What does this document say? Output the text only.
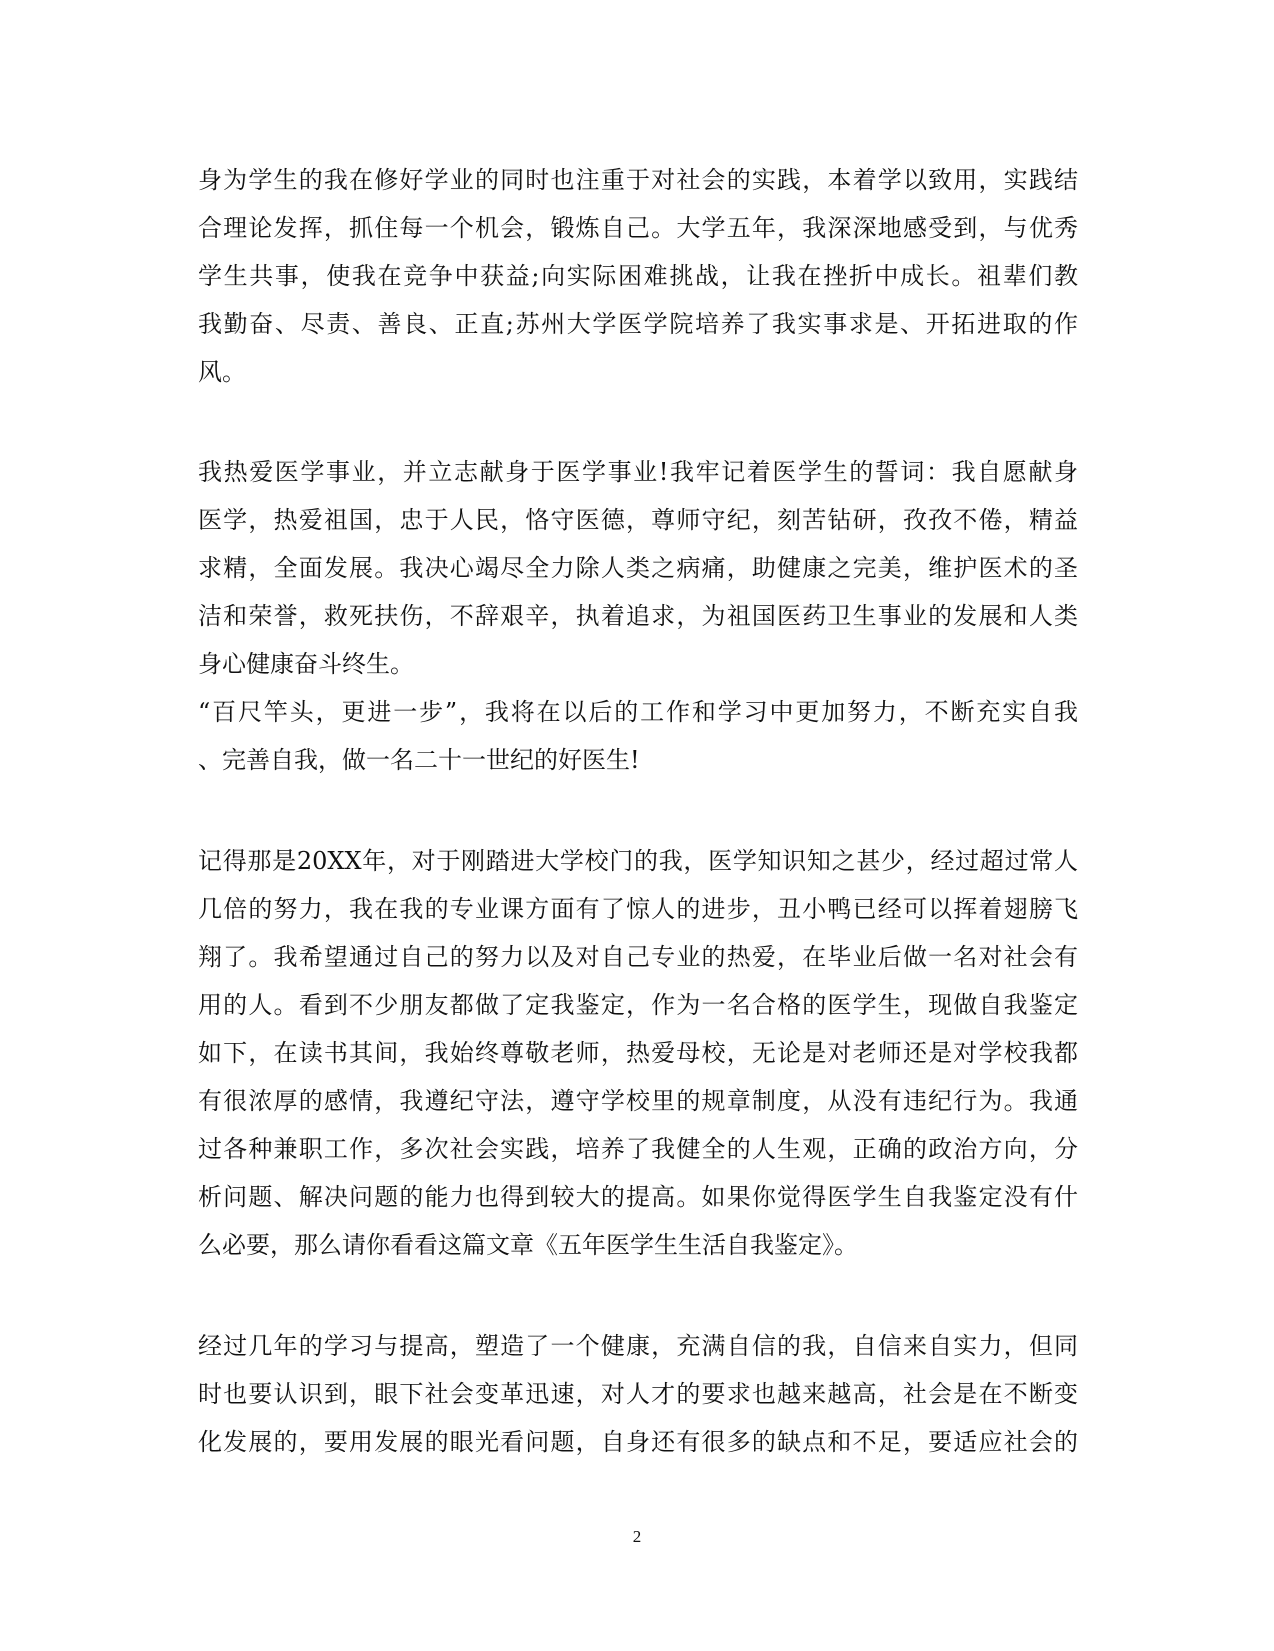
身为学生的我在修好学业的同时也注重于对社会的实践，本着学以致用，实践结
合理论发挥，抓住每一个机会，锻炼自己。大学五年，我深深地感受到，与优秀
学生共事，使我在竞争中获益;向实际困难挑战，让我在挫折中成长。祖辈们教
我勤奋、尽责、善良、正直;苏州大学医学院培养了我实事求是、开拓进取的作
风。
我热爱医学事业，并立志献身于医学事业!我牢记着医学生的誓词：我自愿献身
医学，热爱祖国，忠于人民，恪守医德，尊师守纪，刻苦钻研，孜孜不倦，精益
求精，全面发展。我决心竭尽全力除人类之病痛，助健康之完美，维护医术的圣
洁和荣誉，救死扶伤，不辞艰辛，执着追求，为祖国医药卫生事业的发展和人类
身心健康奋斗终生。
“百尺竿头，更进一步”，我将在以后的工作和学习中更加努力，不断充实自我
、完善自我，做一名二十一世纪的好医生!
记得那是20XX年，对于刚踏进大学校门的我，医学知识知之甚少，经过超过常人
几倍的努力，我在我的专业课方面有了惊人的进步，丑小鸭已经可以挥着翅膀飞
翔了。我希望通过自己的努力以及对自己专业的热爱，在毕业后做一名对社会有
用的人。看到不少朋友都做了定我鉴定，作为一名合格的医学生，现做自我鉴定
如下，在读书其间，我始终尊敬老师，热爱母校，无论是对老师还是对学校我都
有很浓厚的感情，我遵纪守法，遵守学校里的规章制度，从没有违纪行为。我通
过各种兼职工作，多次社会实践，培养了我健全的人生观，正确的政治方向，分
析问题、解决问题的能力也得到较大的提高。如果你觉得医学生自我鉴定没有什
么必要，那么请你看看这篇文章《五年医学生生活自我鉴定》。
经过几年的学习与提高，塑造了一个健康，充满自信的我，自信来自实力，但同
时也要认识到，眼下社会变革迅速，对人才的要求也越来越高，社会是在不断变
化发展的，要用发展的眼光看问题，自身还有很多的缺点和不足，要适应社会的
2
